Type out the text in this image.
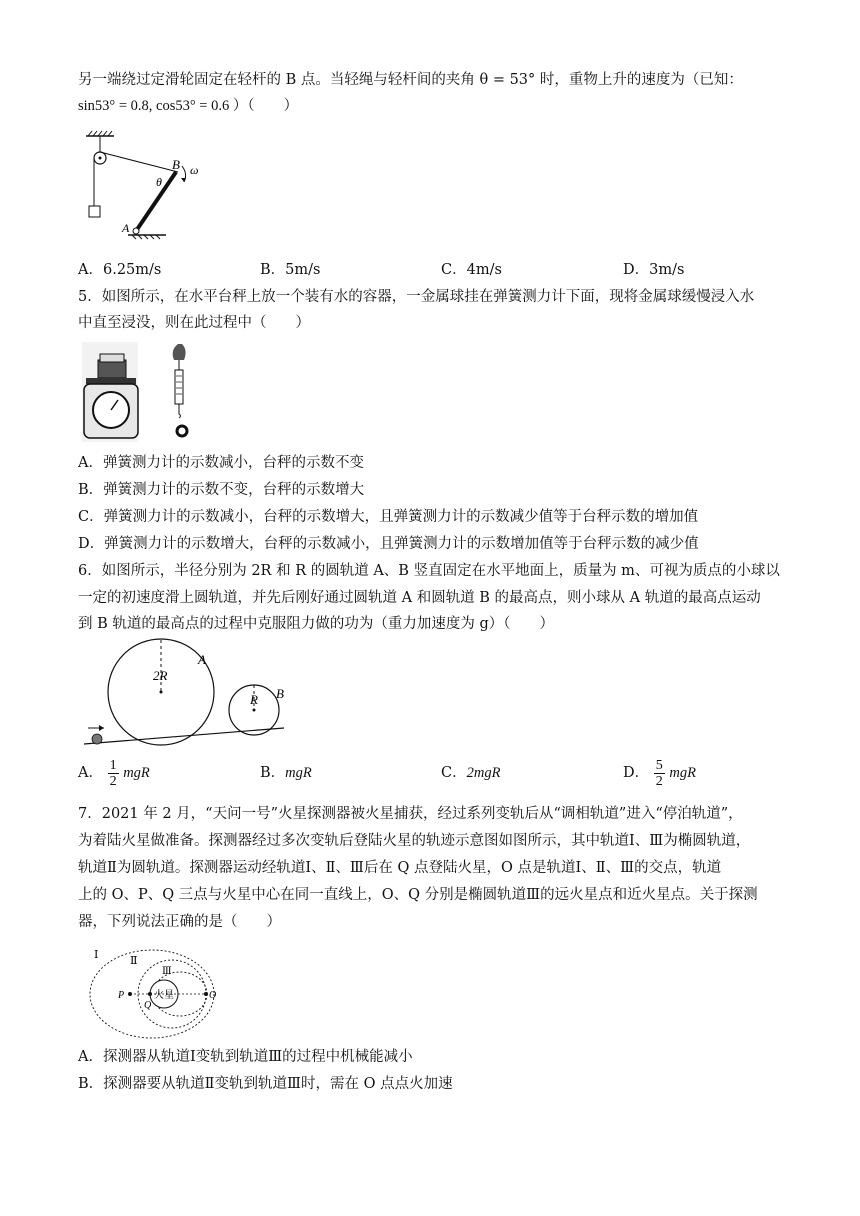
另一端绕过定滑轮固定在轻杆的 B 点。当轻绳与轻杆间的夹角 θ = 53° 时，重物上升的速度为（已知：
sin53° = 0.8, cos53° = 0.6 ）（　　）
B
θ
ω
A
A．6.25m/s	B．5m/s	C．4m/s	D．3m/s
5．如图所示，在水平台秤上放一个装有水的容器，一金属球挂在弹簧测力计下面，现将金属球缓慢浸入水
中直至浸没，则在此过程中（　　）
A．弹簧测力计的示数减小，台秤的示数不变
B．弹簧测力计的示数不变，台秤的示数增大
C．弹簧测力计的示数减小，台秤的示数增大，且弹簧测力计的示数减少值等于台秤示数的增加值
D．弹簧测力计的示数增大，台秤的示数减小，且弹簧测力计的示数增加值等于台秤示数的减少值
6．如图所示，半径分别为 2R 和 R 的圆轨道 A、B 竖直固定在水平地面上，质量为 m、可视为质点的小球以
一定的初速度滑上圆轨道，并先后刚好通过圆轨道 A 和圆轨道 B 的最高点，则小球从 A 轨道的最高点运动
到 B 轨道的最高点的过程中克服阻力做的功为（重力加速度为 g）（　　）
2R
A
R B
A． $\frac{1}{2}$ mgR	B．mgR	C．2mgR	D． $\frac{5}{2}$ mgR
7．2021 年 2 月，“天问一号”火星探测器被火星捕获，经过系列变轨后从“调相轨道”进入“停泊轨道”，
为着陆火星做准备。探测器经过多次变轨后登陆火星的轨迹示意图如图所示，其中轨道Ⅰ、Ⅲ为椭圆轨道，
轨道Ⅱ为圆轨道。探测器运动经轨道Ⅰ、Ⅱ、Ⅲ后在 Q 点登陆火星，O 点是轨道Ⅰ、Ⅱ、Ⅲ的交点，轨道
上的 O、P、Q 三点与火星中心在同一直线上，O、Q 分别是椭圆轨道Ⅲ的远火星点和近火星点。关于探测
器，下列说法正确的是（　　）
Ⅰ	Ⅱ
Ⅲ
P
Q
O
火星
A．探测器从轨道Ⅰ变轨到轨道Ⅲ的过程中机械能减小
B．探测器要从轨道Ⅱ变轨到轨道Ⅲ时，需在 O 点点火加速
